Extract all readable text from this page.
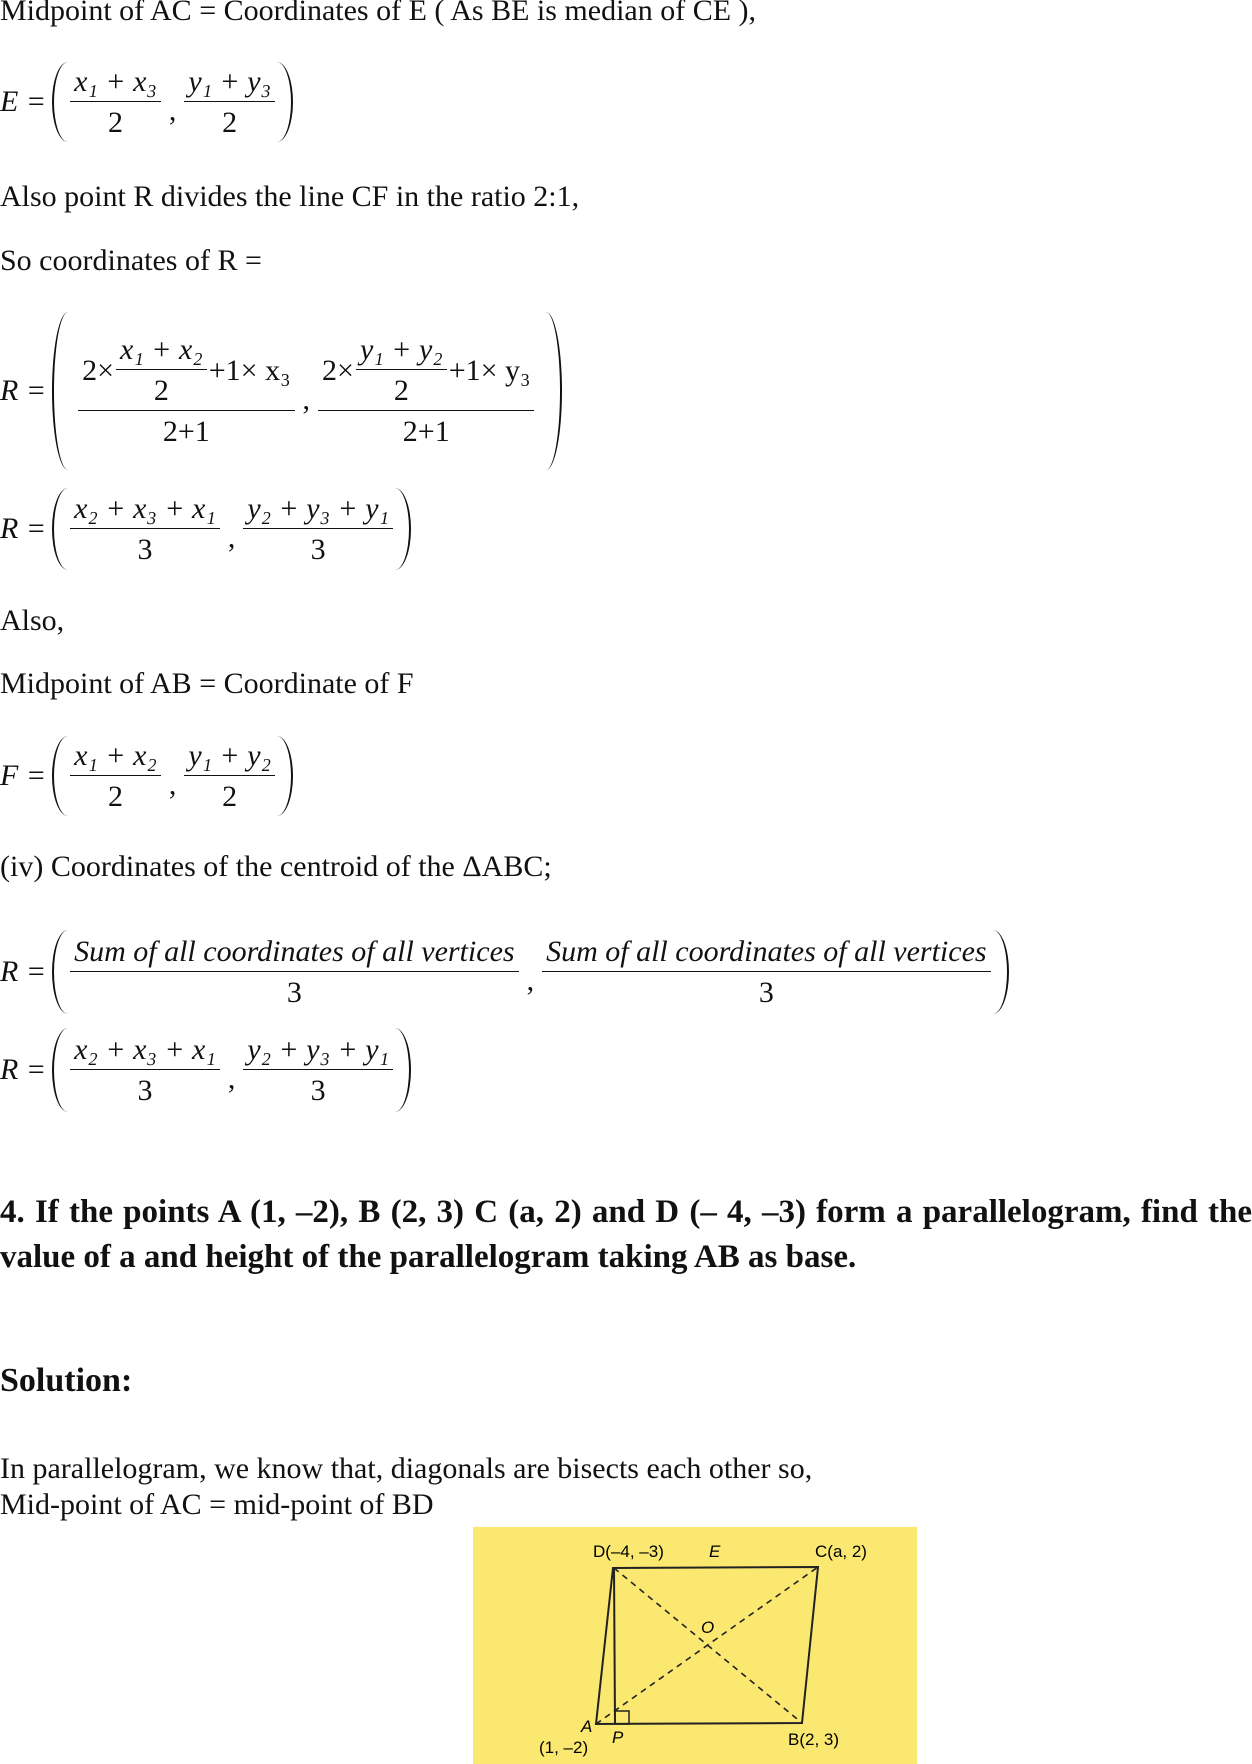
Midpoint of AC = Coordinates of E ( As BE is median of CE ),
$E = \frac{\text{x₁ + x₃}}{2}$ , $\frac{\text{y₁ + y₃}}{2}$
Also point R divides the line CF in the ratio 2:1,
So coordinates of R =
$R = \frac{2\times \frac{\text{x₁ + x₂}}{2} +1\times x_3}{2+1}$ , $\frac{2\times \frac{\text{y₁ + y₂}}{2} +1\times y_3}{2+1}$
$R = \frac{\text{x₂ + x₃ + x₁}}{3}$ , $\frac{\text{y₂ + y₃ + y₁}}{3}$
Also,
Midpoint of AB = Coordinate of F
$F = \frac{\text{x₁ + x₂}}{2}$ , $\frac{\text{y₁ + y₂}}{2}$
(iv) Coordinates of the centroid of the ΔABC;
$R = \frac{\text{Sum of all coordinates of all vertices}}{3}$ , $\frac{\text{Sum of all coordinates of all vertices}}{3}$
$R = \frac{\text{x₂ + x₃ + x₁}}{3}$ , $\frac{\text{y₂ + y₃ + y₁}}{3}$
4. If the points A (1, –2), B (2, 3) C (a, 2) and D (– 4, –3) form a parallelogram, find the value of a and height of the parallelogram taking AB as base.
Solution:
In parallelogram, we know that, diagonals are bisects each other so,
Mid-point of AC = mid-point of BD
D(–4, –3)	E	C(a, 2)
O
A
(1, –2)
P	B(2, 3)
